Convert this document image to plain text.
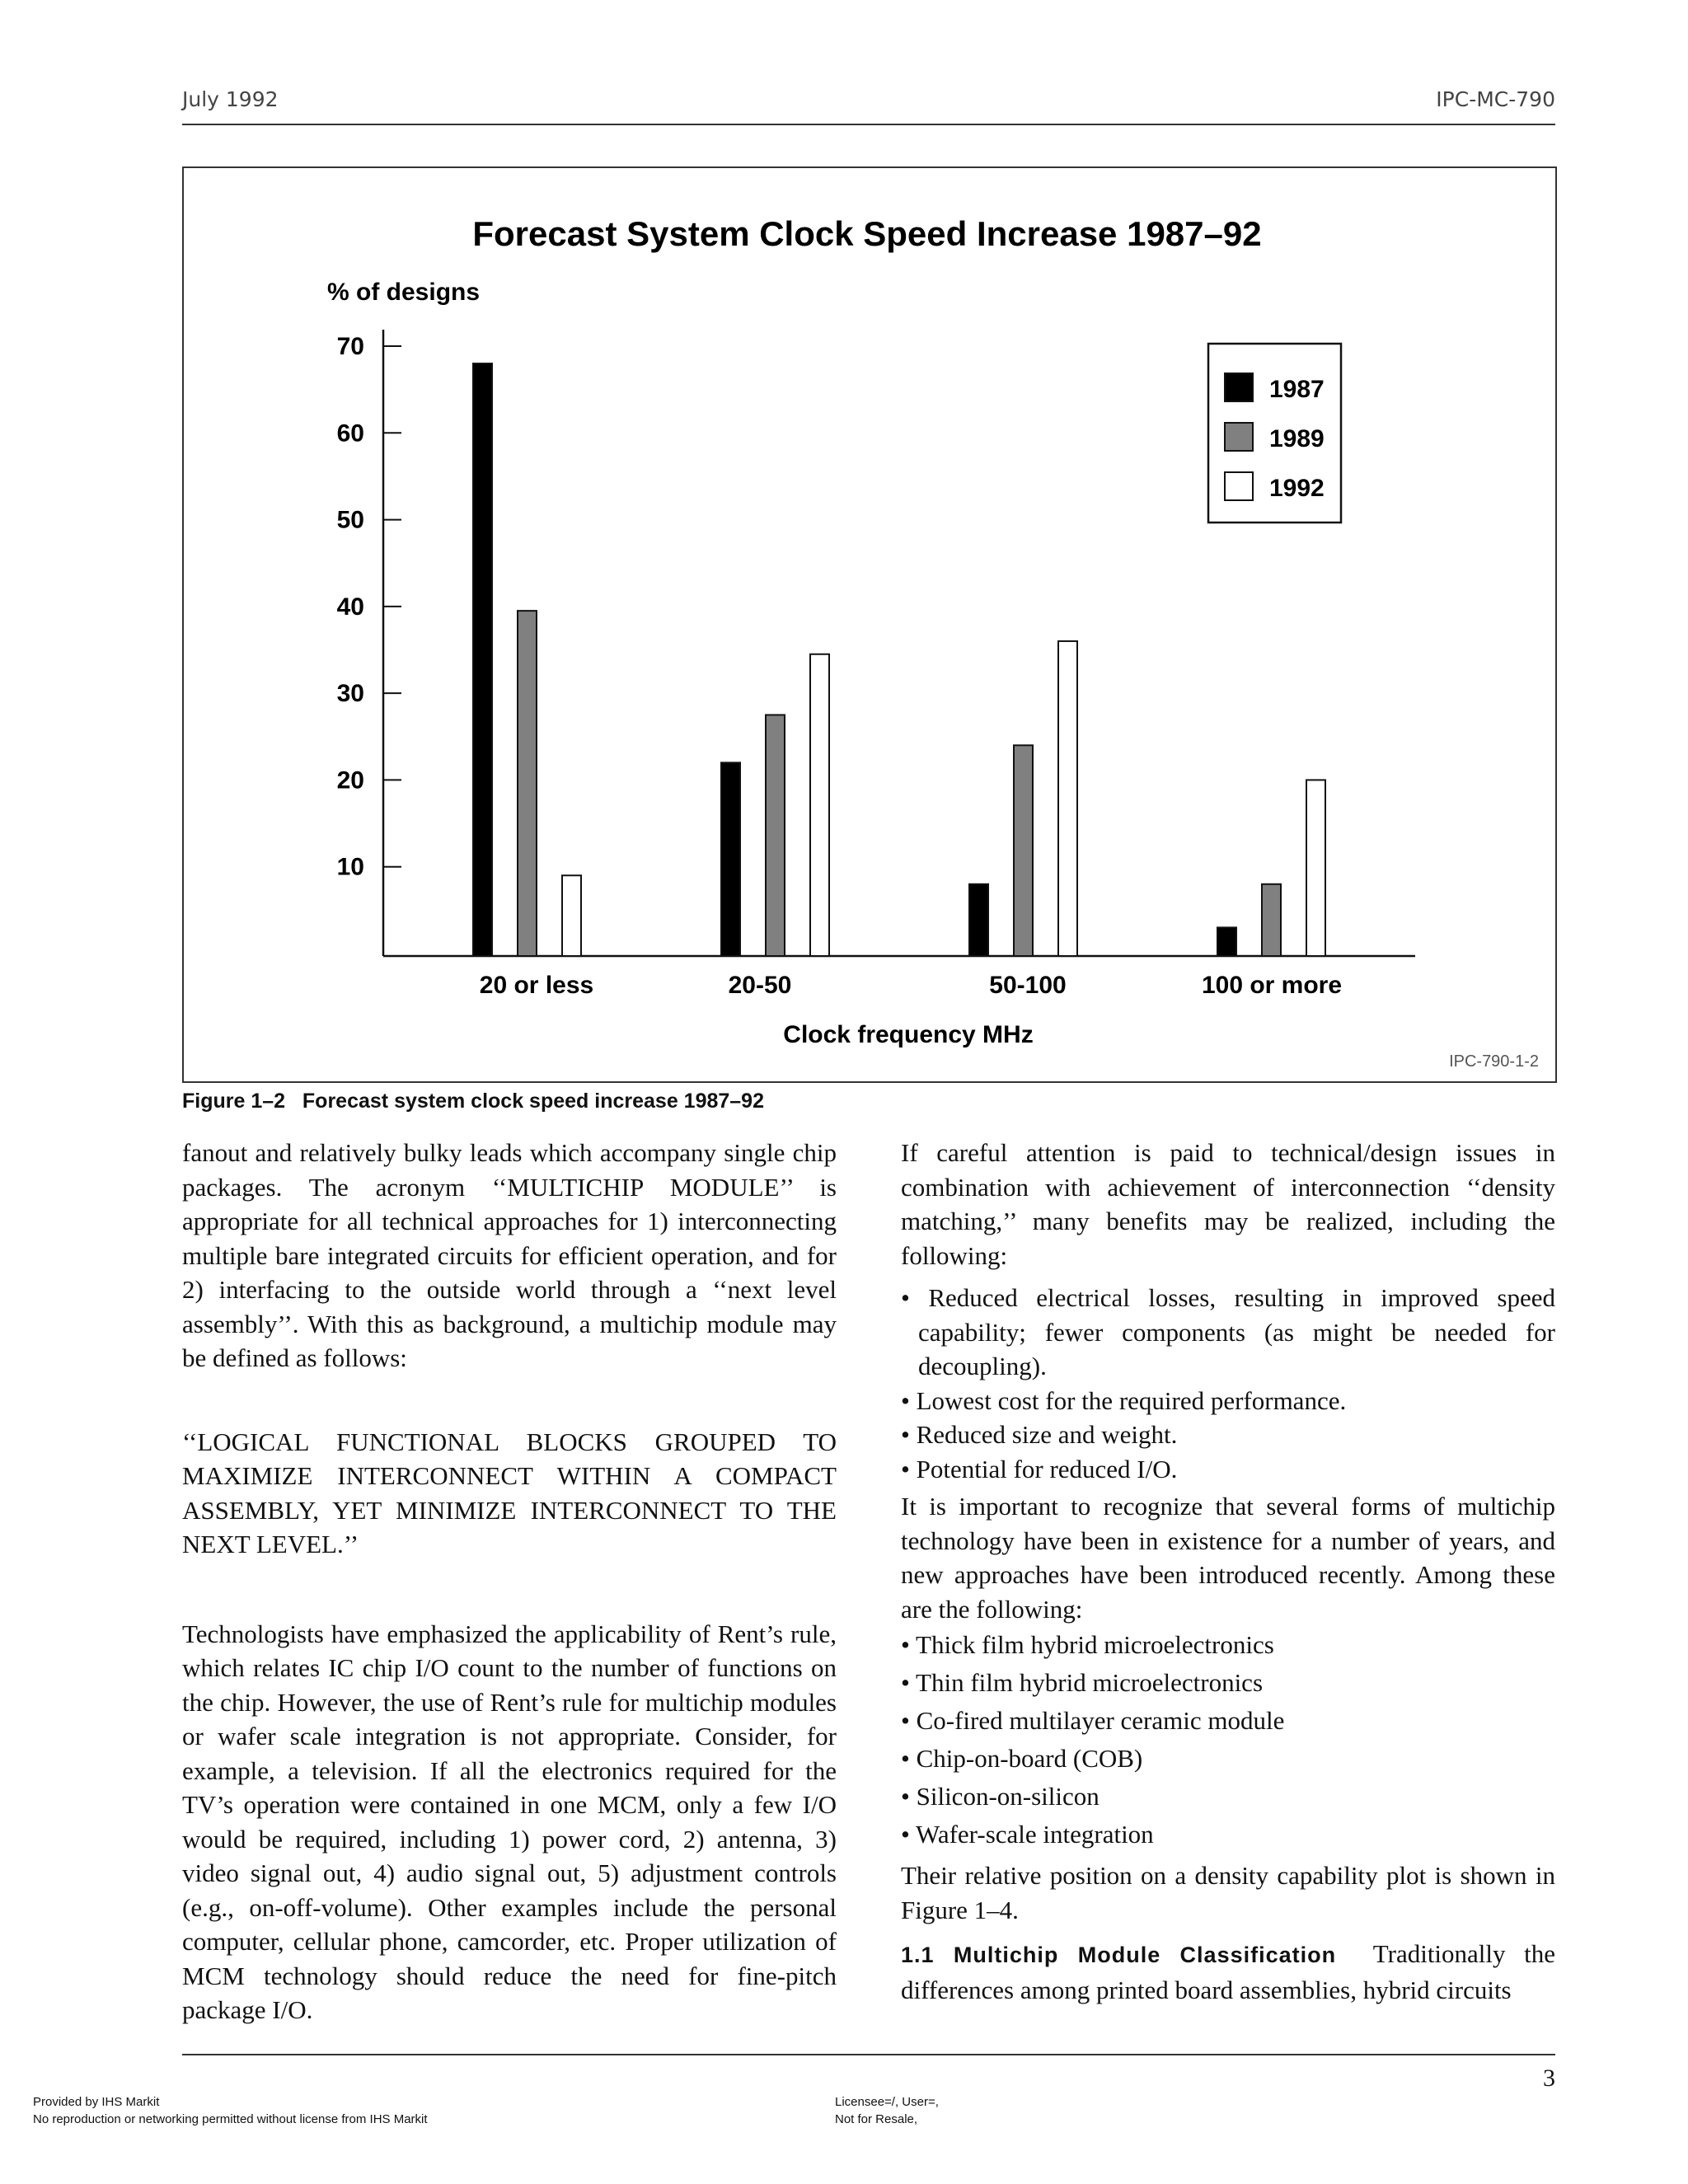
July 1992	IPC-MC-790
Forecast System Clock Speed Increase 1987–92
% of designs
Clock frequency MHz
IPC-790-1-2
10
20
30
40
50
60
70
20 or less	20-50	50-100	100 or more
1987
1989
1992
Figure 1–2 Forecast system clock speed increase 1987–92

fanout and relatively bulky leads which accompany single chip packages. The acronym ‘‘MULTICHIP MODULE’’ is appropriate for all technical approaches for 1) interconnecting multiple bare integrated circuits for efficient operation, and for 2) interfacing to the outside world through a ‘‘next level assembly’’. With this as background, a multichip module may be defined as follows:

‘‘LOGICAL FUNCTIONAL BLOCKS GROUPED TO MAXIMIZE INTERCONNECT WITHIN A COMPACT ASSEMBLY, YET MINIMIZE INTERCONNECT TO THE NEXT LEVEL.’’

Technologists have emphasized the applicability of Rent’s rule, which relates IC chip I/O count to the number of functions on the chip. However, the use of Rent’s rule for multichip modules or wafer scale integration is not appropriate. Consider, for example, a television. If all the electronics required for the TV’s operation were contained in one MCM, only a few I/O would be required, including 1) power cord, 2) antenna, 3) video signal out, 4) audio signal out, 5) adjustment controls (e.g., on-off-volume). Other examples include the personal computer, cellular phone, camcorder, etc. Proper utilization of MCM technology should reduce the need for fine-pitch package I/O.

If careful attention is paid to technical/design issues in combination with achievement of interconnection ‘‘density matching,’’ many benefits may be realized, including the following:

• Reduced electrical losses, resulting in improved speed capability; fewer components (as might be needed for decoupling).

• Lowest cost for the required performance.

• Reduced size and weight.

• Potential for reduced I/O.

It is important to recognize that several forms of multichip technology have been in existence for a number of years, and new approaches have been introduced recently. Among these are the following:

• Thick film hybrid microelectronics

• Thin film hybrid microelectronics

• Co-fired multilayer ceramic module

• Chip-on-board (COB)

• Silicon-on-silicon

• Wafer-scale integration

Their relative position on a density capability plot is shown in Figure 1–4.

1.1 Multichip Module Classification Traditionally the differences among printed board assemblies, hybrid circuits

3
Provided by IHS Markit
No reproduction or networking permitted without license from IHS Markit
Licensee=/, User=,
Not for Resale,
